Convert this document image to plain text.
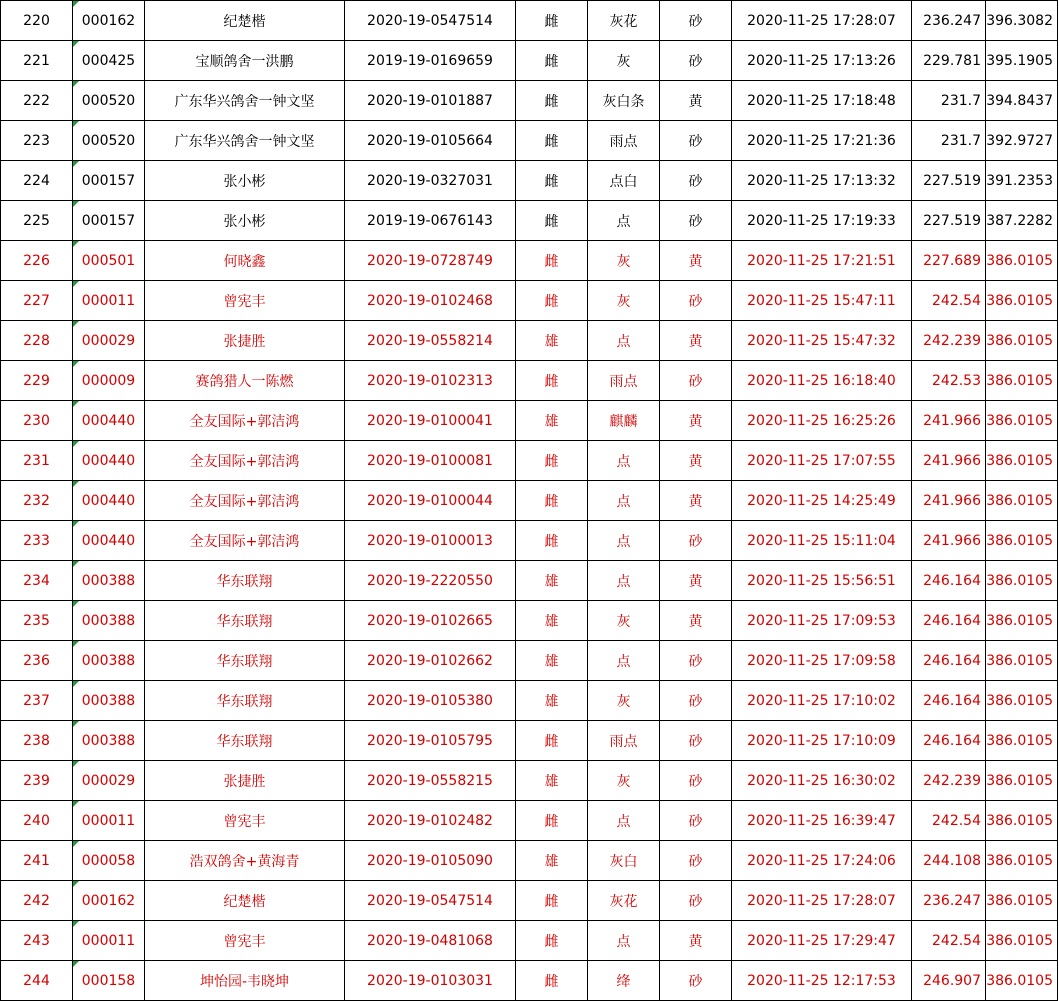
220	000162	纪楚楷	2020-19-0547514	雌	灰花	砂	2020-11-25 17:28:07	236.247	396.3082
221	000425	宝顺鸽舍一洪鹏	2019-19-0169659	雌	灰	砂	2020-11-25 17:13:26	229.781	395.1905
222	000520	广东华兴鸽舍一钟文坚	2020-19-0101887	雌	灰白条	黄	2020-11-25 17:18:48	231.7	394.8437
223	000520	广东华兴鸽舍一钟文坚	2020-19-0105664	雌	雨点	砂	2020-11-25 17:21:36	231.7	392.9727
224	000157	张小彬	2020-19-0327031	雌	点白	砂	2020-11-25 17:13:32	227.519	391.2353
225	000157	张小彬	2019-19-0676143	雌	点	砂	2020-11-25 17:19:33	227.519	387.2282
226	000501	何晓鑫	2020-19-0728749	雌	灰	黄	2020-11-25 17:21:51	227.689	386.0105
227	000011	曾宪丰	2020-19-0102468	雌	灰	砂	2020-11-25 15:47:11	242.54	386.0105
228	000029	张捷胜	2020-19-0558214	雄	点	黄	2020-11-25 15:47:32	242.239	386.0105
229	000009	赛鸽猎人一陈燃	2020-19-0102313	雌	雨点	砂	2020-11-25 16:18:40	242.53	386.0105
230	000440	全友国际+郭洁鸿	2020-19-0100041	雄	麒麟	黄	2020-11-25 16:25:26	241.966	386.0105
231	000440	全友国际+郭洁鸿	2020-19-0100081	雌	点	黄	2020-11-25 17:07:55	241.966	386.0105
232	000440	全友国际+郭洁鸿	2020-19-0100044	雌	点	黄	2020-11-25 14:25:49	241.966	386.0105
233	000440	全友国际+郭洁鸿	2020-19-0100013	雌	点	砂	2020-11-25 15:11:04	241.966	386.0105
234	000388	华东联翔	2020-19-2220550	雄	点	黄	2020-11-25 15:56:51	246.164	386.0105
235	000388	华东联翔	2020-19-0102665	雄	灰	黄	2020-11-25 17:09:53	246.164	386.0105
236	000388	华东联翔	2020-19-0102662	雄	点	砂	2020-11-25 17:09:58	246.164	386.0105
237	000388	华东联翔	2020-19-0105380	雄	灰	砂	2020-11-25 17:10:02	246.164	386.0105
238	000388	华东联翔	2020-19-0105795	雌	雨点	砂	2020-11-25 17:10:09	246.164	386.0105
239	000029	张捷胜	2020-19-0558215	雄	灰	砂	2020-11-25 16:30:02	242.239	386.0105
240	000011	曾宪丰	2020-19-0102482	雌	点	砂	2020-11-25 16:39:47	242.54	386.0105
241	000058	浩双鸽舍+黄海青	2020-19-0105090	雄	灰白	砂	2020-11-25 17:24:06	244.108	386.0105
242	000162	纪楚楷	2020-19-0547514	雌	灰花	砂	2020-11-25 17:28:07	236.247	386.0105
243	000011	曾宪丰	2020-19-0481068	雌	点	黄	2020-11-25 17:29:47	242.54	386.0105
244	000158	坤怡园-韦晓坤	2020-19-0103031	雌	绛	砂	2020-11-25 12:17:53	246.907	386.0105
